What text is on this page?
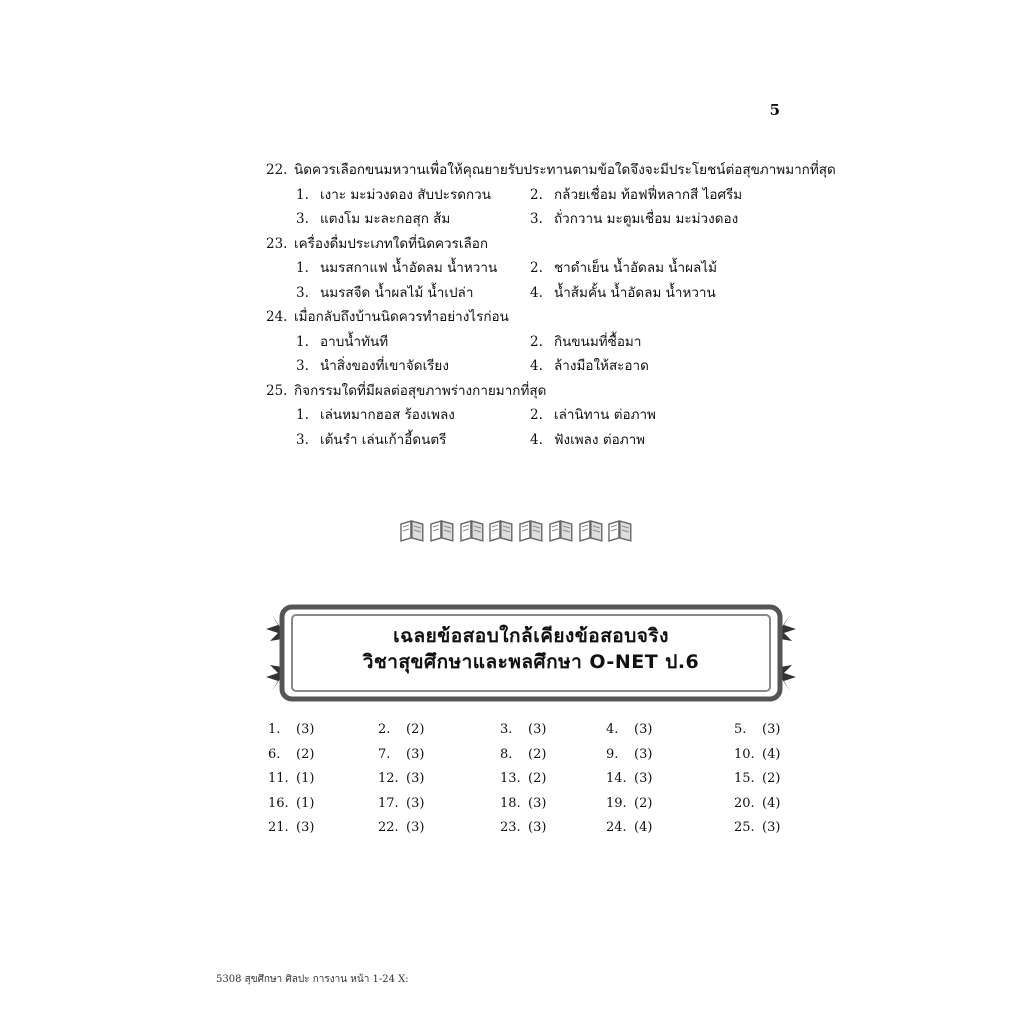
5
22. นิดควรเลือกขนมหวานเพื่อให้คุณยายรับประทานตามข้อใดจึงจะมีประโยชน์ต่อสุขภาพมากที่สุด
1. เงาะ มะม่วงดอง สับปะรดกวน	2. กล้วยเชื่อม ท้อฟฟี่หลากสี ไอศรีม
3. แตงโม มะละกอสุก ส้ม	3. ถั่วกวาน มะตูมเชื่อม มะม่วงดอง
23. เครื่องดื่มประเภทใดที่นิดควรเลือก
1. นมรสกาแฟ น้ำอัดลม น้ำหวาน 2. ชาดำเย็น น้ำอัดลม น้ำผลไม้
3. นมรสจืด น้ำผลไม้ น้ำเปล่า	4. น้ำส้มคั้น น้ำอัดลม น้ำหวาน
24. เมื่อกลับถึงบ้านนิดควรทำอย่างไรก่อน
1. อาบน้ำทันที	2. กินขนมที่ซื้อมา
3. นำสิ่งของที่เขาจัดเรียง	4. ล้างมือให้สะอาด
25. กิจกรรมใดที่มีผลต่อสุขภาพร่างกายมากที่สุด
1. เล่นหมากฮอส ร้องเพลง	2. เล่านิทาน ต่อภาพ
3. เต้นรำ เล่นเก้าอี้ดนตรี	4. ฟังเพลง ต่อภาพ
เฉลยข้อสอบใกล้เคียงข้อสอบจริง
วิชาสุขศึกษาและพลศึกษา O-NET ป.6
1. (3)	2. (2)	3. (3)	4. (3)	5. (3)
6. (2)	7. (3)	8. (2)	9. (3)	10. (4)
11. (1)	12. (3)	13. (2)	14. (3)	15. (2)
16. (1)	17. (3)	18. (3)	19. (2)	20. (4)
21. (3)	22. (3)	23. (3)	24. (4)	25. (3)
5308 สุขศึกษา ศิลปะ การงาน หน้า 1-24 X:
